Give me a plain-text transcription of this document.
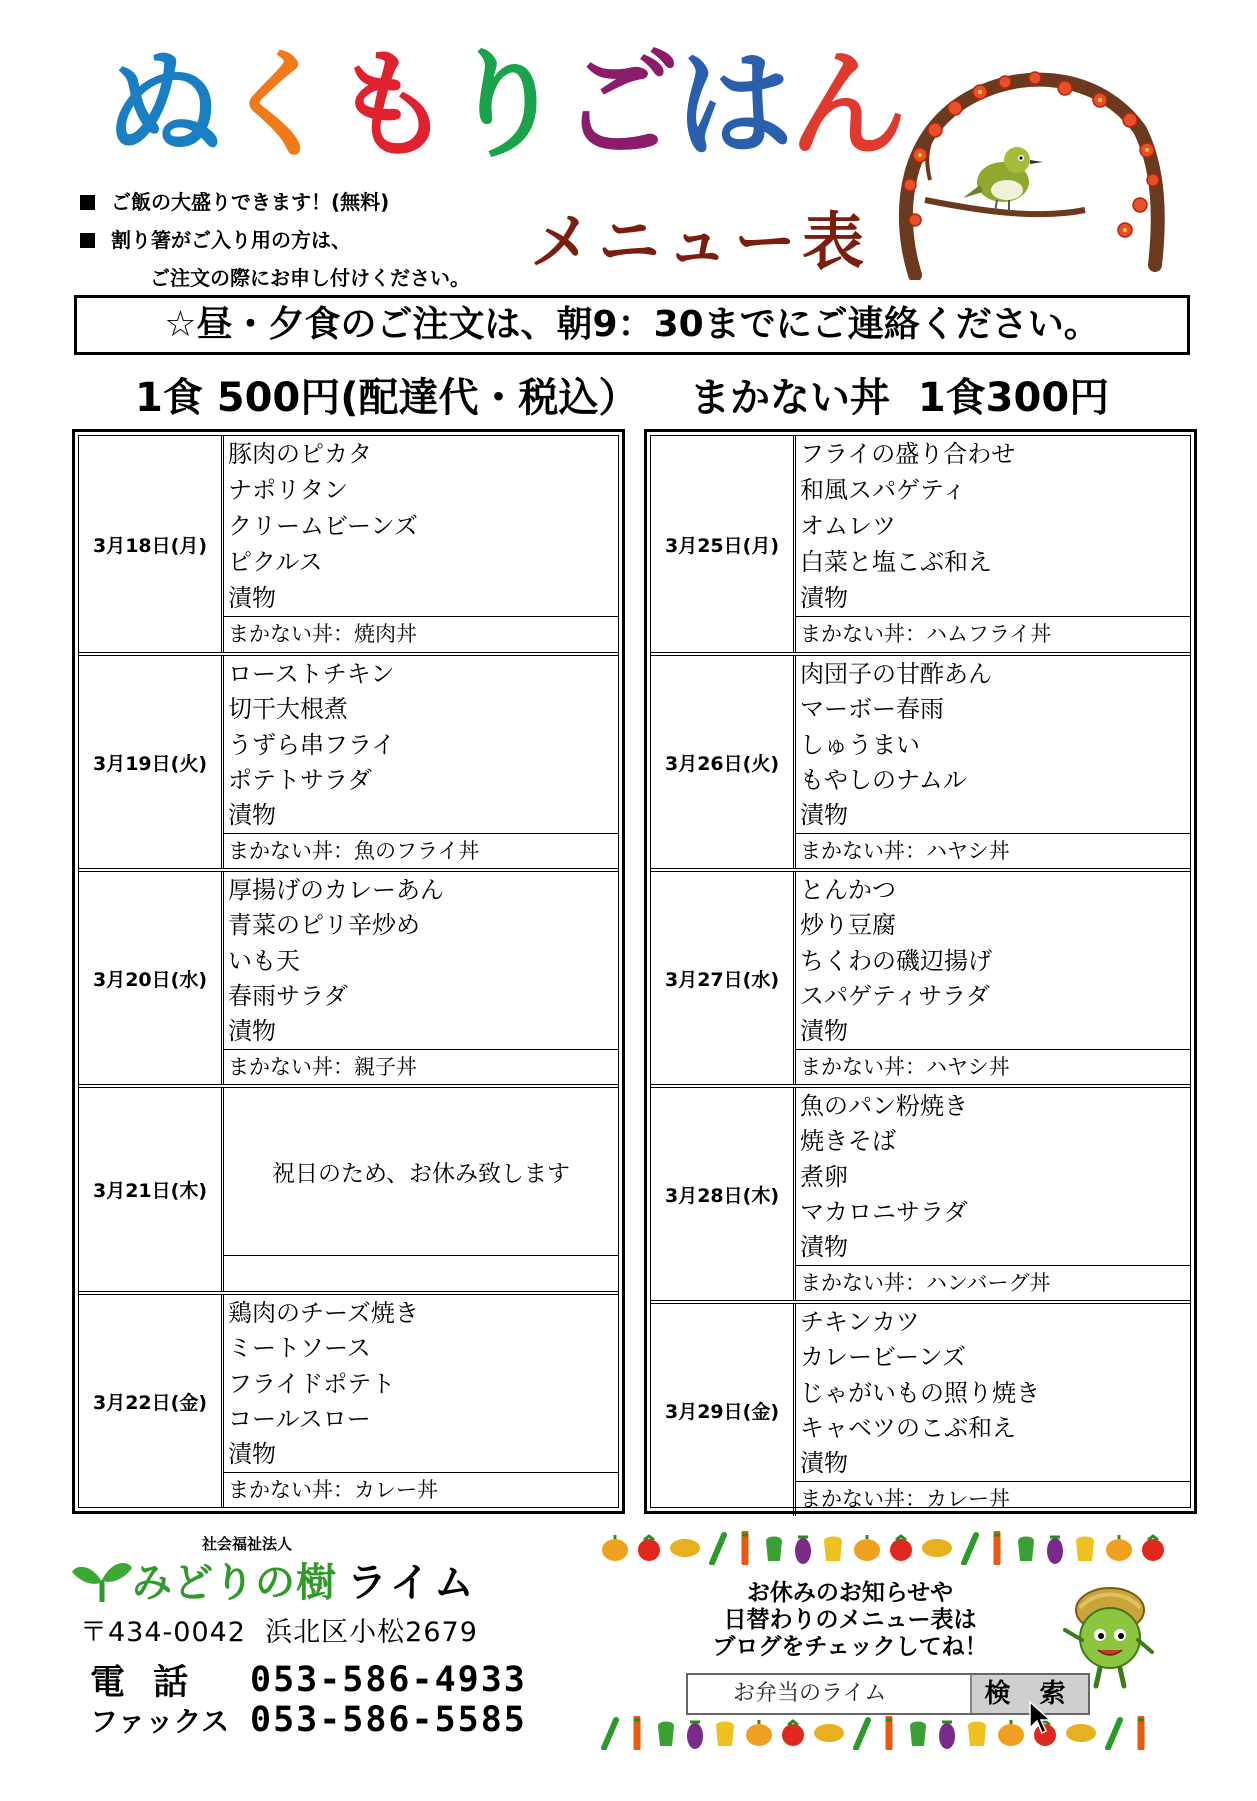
ぬ く も り ご は ん
メニュー表
ご飯の大盛りできます！(無料)
割り箸がご入り用の方は、
ご注文の際にお申し付けください。
☆昼・夕食のご注文は、朝9：30までにご連絡ください。
1食 500円(配達代・税込） まかない丼  1食300円
3月18日(月)
豚肉のピカタ
ナポリタン
クリームビーンズ
ピクルス
漬物
まかない丼：焼肉丼
3月19日(火)
ローストチキン
切干大根煮
うずら串フライ
ポテトサラダ
漬物
まかない丼：魚のフライ丼
3月20日(水)
厚揚げのカレーあん
青菜のピリ辛炒め
いも天
春雨サラダ
漬物
まかない丼：親子丼
3月21日(木)
祝日のため、お休み致します
3月22日(金)
鶏肉のチーズ焼き
ミートソース
フライドポテト
コールスロー
漬物
まかない丼：カレー丼
3月25日(月)
フライの盛り合わせ
和風スパゲティ
オムレツ
白菜と塩こぶ和え
漬物
まかない丼：ハムフライ丼
3月26日(火)
肉団子の甘酢あん
マーボー春雨
しゅうまい
もやしのナムル
漬物
まかない丼：ハヤシ丼
3月27日(水)
とんかつ
炒り豆腐
ちくわの磯辺揚げ
スパゲティサラダ
漬物
まかない丼：ハヤシ丼
3月28日(木)
魚のパン粉焼き
焼きそば
煮卵
マカロニサラダ
漬物
まかない丼：ハンバーグ丼
3月29日(金)
チキンカツ
カレービーンズ
じゃがいもの照り焼き
キャベツのこぶ和え
漬物
まかない丼：カレー丼
社会福祉法人
みどりの樹 ライム
〒434-0042  浜北区小松2679
電 話	053-586-4933
ファックス 053-586-5585
お休みのお知らせや
日替わりのメニュー表は
ブログをチェックしてね！
お弁当のライム	検 索
